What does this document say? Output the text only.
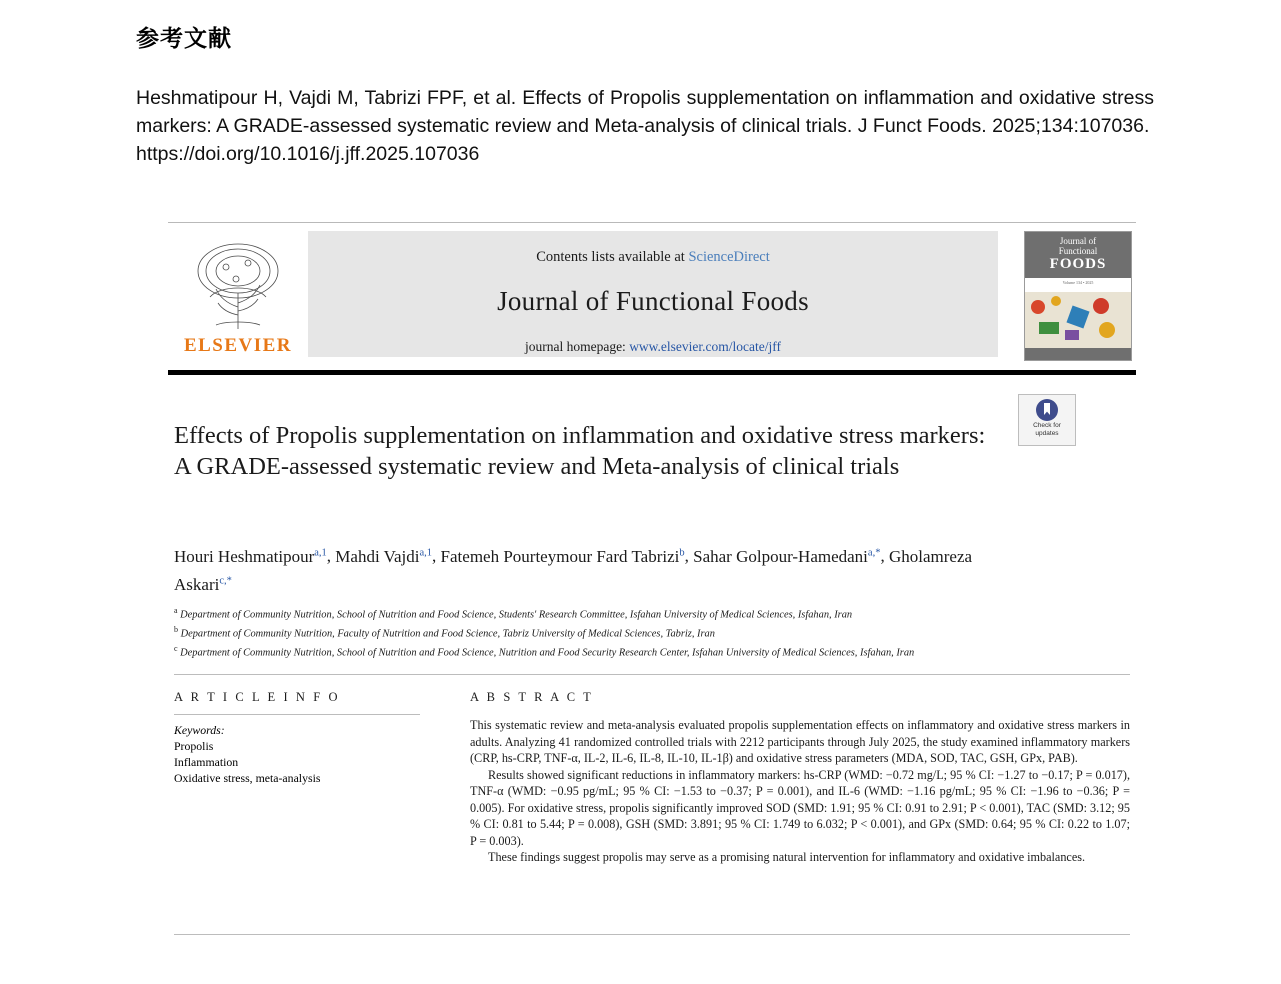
参考文献
Heshmatipour H, Vajdi M, Tabrizi FPF, et al. Effects of Propolis supplementation on inflammation and oxidative stress markers: A GRADE-assessed systematic review and Meta-analysis of clinical trials. J Funct Foods. 2025;134:107036.
https://doi.org/10.1016/j.jff.2025.107036
ELSEVIER
Contents lists available at ScienceDirect
Journal of Functional Foods
journal homepage: www.elsevier.com/locate/jff
Journal of
Functional
FOODS
Volume 134 • 2025
Check for
updates
Effects of Propolis supplementation on inflammation and oxidative stress markers: A GRADE-assessed systematic review and Meta-analysis of clinical trials
Houri Heshmatipour$^{a,1}$, Mahdi Vajdi$^{a,1}$, Fatemeh Pourteymour Fard Tabrizi$^b$, Sahar Golpour-Hamedani$^{a,*}$, Gholamreza Askari$^{c,*}$
$^a$ Department of Community Nutrition, School of Nutrition and Food Science, Students' Research Committee, Isfahan University of Medical Sciences, Isfahan, Iran
$^b$ Department of Community Nutrition, Faculty of Nutrition and Food Science, Tabriz University of Medical Sciences, Tabriz, Iran
$^c$ Department of Community Nutrition, School of Nutrition and Food Science, Nutrition and Food Security Research Center, Isfahan University of Medical Sciences, Isfahan, Iran
A R T I C L E I N F O
Keywords:
Propolis
Inflammation
Oxidative stress, meta-analysis
A B S T R A C T

This systematic review and meta-analysis evaluated propolis supplementation effects on inflammatory and oxidative stress markers in adults. Analyzing 41 randomized controlled trials with 2212 participants through July 2025, the study examined inflammatory markers (CRP, hs-CRP, TNF-α, IL-2, IL-6, IL-8, IL-10, IL-1β) and oxidative stress parameters (MDA, SOD, TAC, GSH, GPx, PAB).

Results showed significant reductions in inflammatory markers: hs-CRP (WMD: −0.72 mg/L; 95 % CI: −1.27 to −0.17; P = 0.017), TNF-α (WMD: −0.95 pg/mL; 95 % CI: −1.53 to −0.37; P = 0.001), and IL-6 (WMD: −1.16 pg/mL; 95 % CI: −1.96 to −0.36; P = 0.005). For oxidative stress, propolis significantly improved SOD (SMD: 1.91; 95 % CI: 0.91 to 2.91; P < 0.001), TAC (SMD: 3.12; 95 % CI: 0.81 to 5.44; P = 0.008), GSH (SMD: 3.891; 95 % CI: 1.749 to 6.032; P < 0.001), and GPx (SMD: 0.64; 95 % CI: 0.22 to 1.07; P = 0.003).

These findings suggest propolis may serve as a promising natural intervention for inflammatory and oxidative imbalances.
